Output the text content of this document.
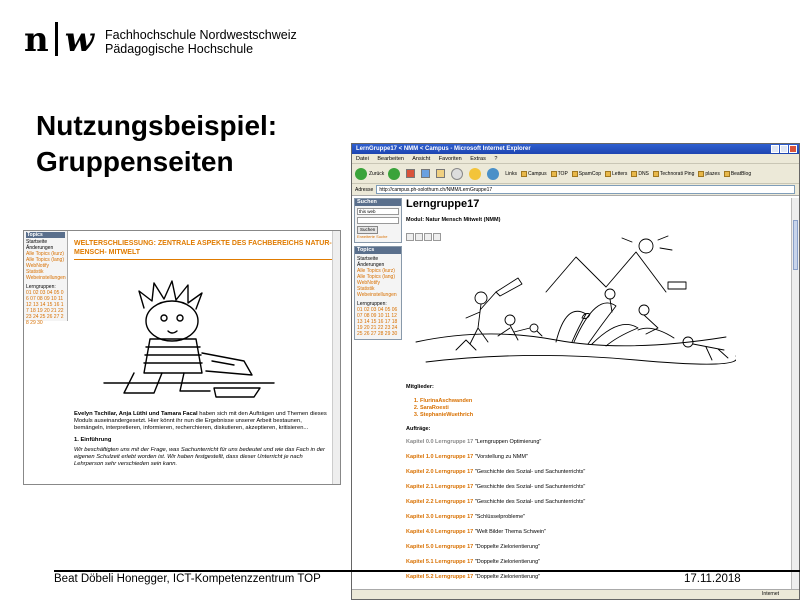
n w Fachhochschule Nordwestschweiz
Pädagogische Hochschule
Nutzungsbeispiel:
Gruppenseiten
Topics
Startseite
Änderungen
Alle Topics (kurz)
Alle Topics (lang)
WebNotify
Statistik
Webeinstellungen
Lerngruppen:
01 02 03 04 05 06 07 08 09 10 11 12 13 14 15 16 17 18 19 20 21 22 23 24 25 26 27 28 29 30
WELTERSCHLIESSUNG: ZENTRALE ASPEKTE DES FACHBEREICHS NATUR- MENSCH- MITWELT
Evelyn Tschilar, Anja Lüthi und Tamara Facal haben sich mit den Aufträgen und Themen dieses Moduls auseinandergesetzt. Hier könnt ihr nun die Ergebnisse unserer Arbeit bestaunen, bemängeln, interpretieren, informieren, recherchieren, diskutieren, akzeptieren, kritisieren...
1. Einführung
Wir beschäftigten uns mit der Frage, was Sachunterricht für uns bedeutet und wie das Fach in der eigenen Schulzeit erlebt worden ist. Wir haben festgestellt, dass dieser Unterricht je nach Lehrperson sehr verschieden sein kann.
LernGruppe17 < NMM < Campus - Microsoft Internet Explorer
Datei Bearbeiten Ansicht Favoriten Extras ?
Zurück	Links Campus TOP SpamCop Letters DNS Technorati Ping plazes BeatBlog
Adresse	http://campus.ph-solothurn.ch/NMM/LernGruppe17
Suchen
this web
Suchen
Erweiterte Suche
Topics
Startseite
Änderungen
Alle Topics (kurz)
Alle Topics (lang)
WebNotify
Statistik
Webeinstellungen
Lerngruppen:
01 02 03 04 05 06 07 08 09 10 11 12 13 14 15 16 17 18 19 20 21 22 23 24 25 26 27 28 29 30
Lerngruppe17
Modul: Natur Mensch Mitwelt (NMM)
Mitglieder:
1. FlurinaAschwanden
2. SaraRoesti
3. StephanieWuethrich
Aufträge:
Kapitel 0.0 Lerngruppe 17 "Lerngruppen Optimierung"
Kapitel 1.0 Lerngruppe 17 "Vorstellung zu NMM"
Kapitel 2.0 Lerngruppe 17 "Geschichte des Sozial- und Sachunterrichts"
Kapitel 2.1 Lerngruppe 17 "Geschichte des Sozial- und Sachunterrichts"
Kapitel 2.2 Lerngruppe 17 "Geschichte des Sozial- und Sachunterrichts"
Kapitel 3.0 Lerngruppe 17 "Schlüsselprobleme"
Kapitel 4.0 Lerngruppe 17 "Welt Bilder Thema Schwein"
Kapitel 5.0 Lerngruppe 17 "Doppelte Zielorientierung"
Kapitel 5.1 Lerngruppe 17 "Doppelte Zielorientierung"
Kapitel 5.2 Lerngruppe 17 "Doppelte Zielorientierung"
Internet
Beat Döbeli Honegger, ICT-Kompetenzzentrum TOP	17.11.2018
